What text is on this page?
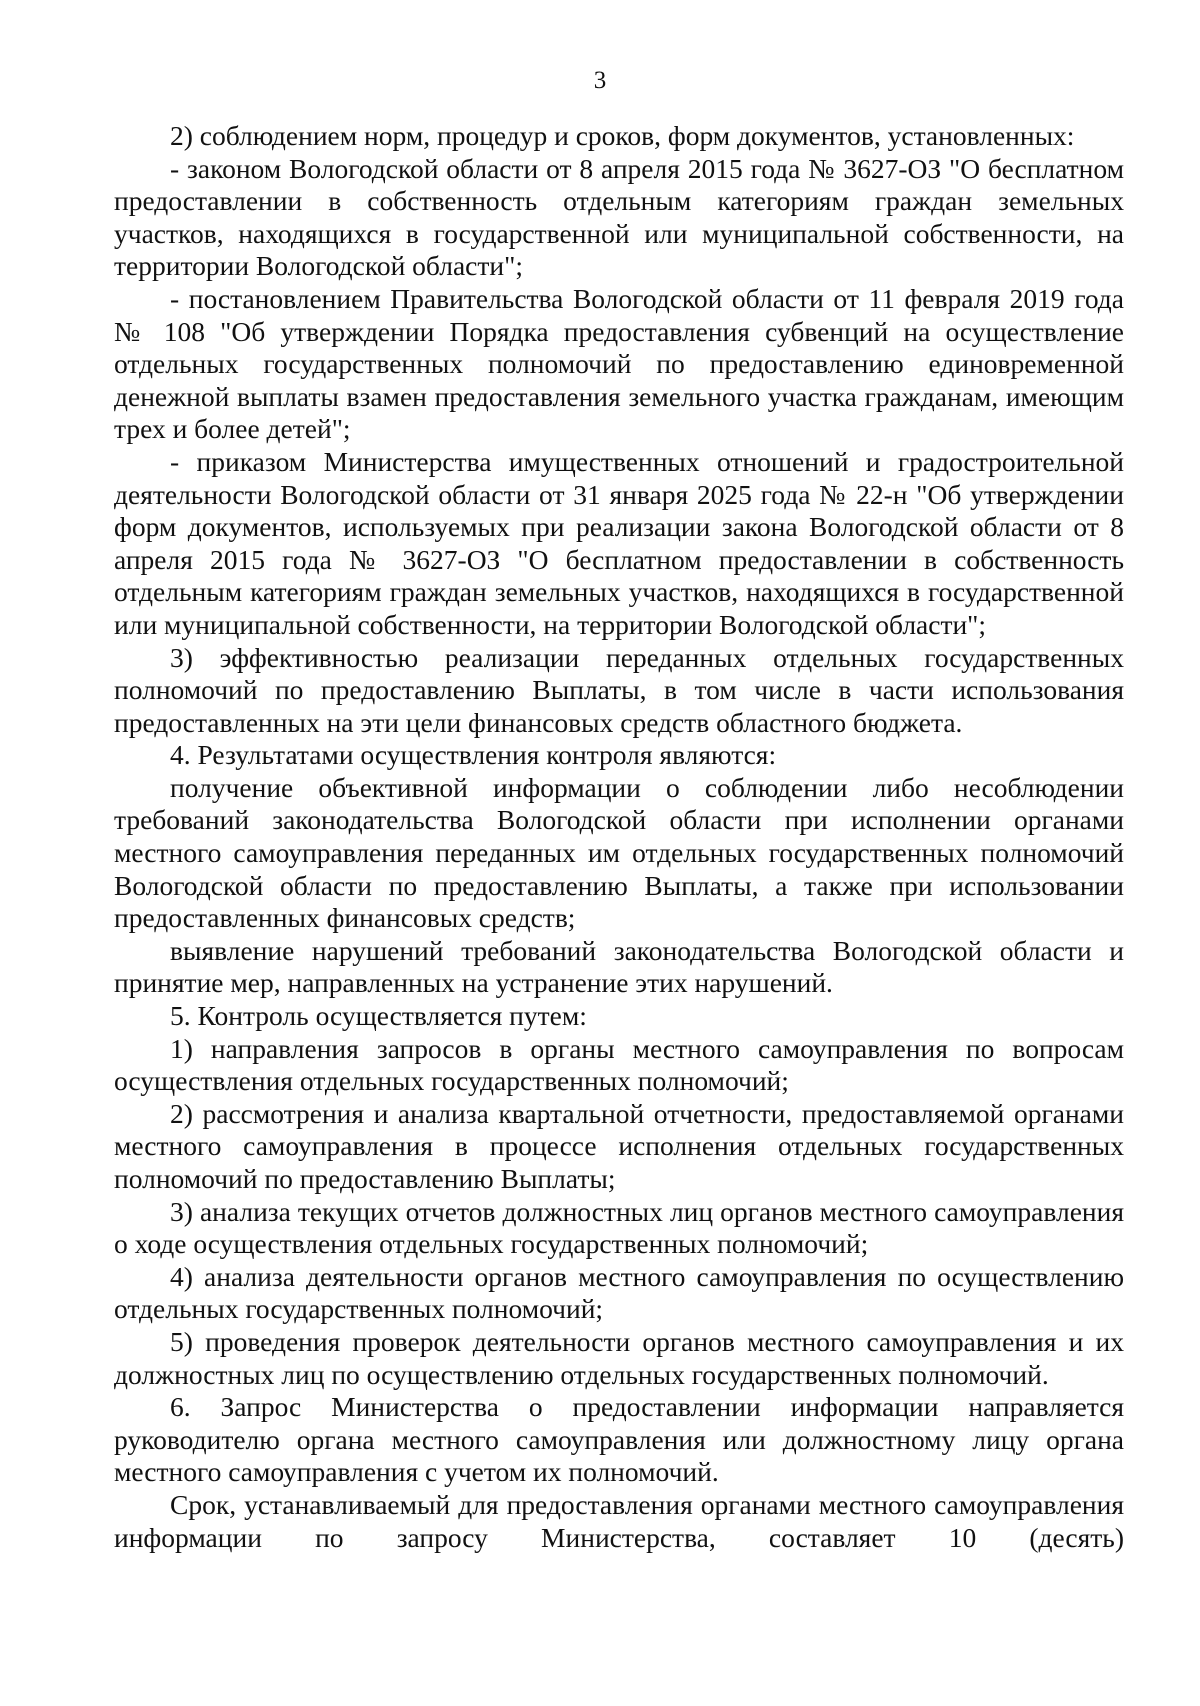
3

2) соблюдением норм, процедур и сроков, форм документов, установленных:

- законом Вологодской области от 8 апреля 2015 года № 3627-ОЗ "О бесплатном предоставлении в собственность отдельным категориям граждан земельных участков, находящихся в государственной или муниципальной собственности, на территории Вологодской области";

- постановлением Правительства Вологодской области от 11 февраля 2019 года № 108 "Об утверждении Порядка предоставления субвенций на осуществление отдельных государственных полномочий по предоставлению единовременной денежной выплаты взамен предоставления земельного участка гражданам, имеющим трех и более детей";

- приказом Министерства имущественных отношений и градостроительной деятельности Вологодской области от 31 января 2025 года № 22-н "Об утверждении форм документов, используемых при реализации закона Вологодской области от 8 апреля 2015 года № 3627-ОЗ "О бесплатном предоставлении в собственность отдельным категориям граждан земельных участков, находящихся в государственной или муниципальной собственности, на территории Вологодской области";

3) эффективностью реализации переданных отдельных государственных полномочий по предоставлению Выплаты, в том числе в части использования предоставленных на эти цели финансовых средств областного бюджета.

4. Результатами осуществления контроля являются:

получение объективной информации о соблюдении либо несоблюдении требований законодательства Вологодской области при исполнении органами местного самоуправления переданных им отдельных государственных полномочий Вологодской области по предоставлению Выплаты, а также при использовании предоставленных финансовых средств;

выявление нарушений требований законодательства Вологодской области и принятие мер, направленных на устранение этих нарушений.

5. Контроль осуществляется путем:

1) направления запросов в органы местного самоуправления по вопросам осуществления отдельных государственных полномочий;

2) рассмотрения и анализа квартальной отчетности, предоставляемой органами местного самоуправления в процессе исполнения отдельных государственных полномочий по предоставлению Выплаты;

3) анализа текущих отчетов должностных лиц органов местного самоуправления о ходе осуществления отдельных государственных полномочий;

4) анализа деятельности органов местного самоуправления по осуществлению отдельных государственных полномочий;

5) проведения проверок деятельности органов местного самоуправления и их должностных лиц по осуществлению отдельных государственных полномочий.

6. Запрос Министерства о предоставлении информации направляется руководителю органа местного самоуправления или должностному лицу органа местного самоуправления с учетом их полномочий.

Срок, устанавливаемый для предоставления органами местного самоуправления информации по запросу Министерства, составляет 10 (десять)
